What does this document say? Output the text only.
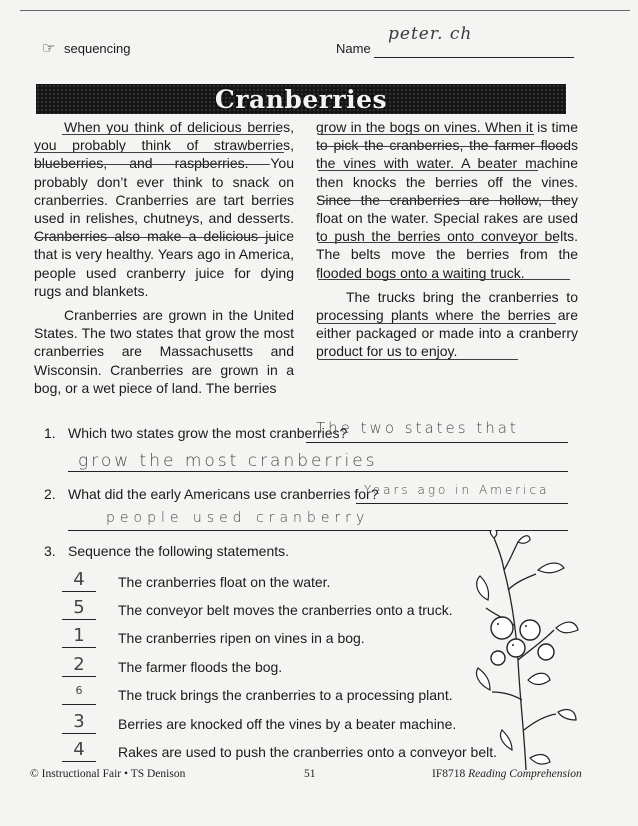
☞ sequencing	Name
peter. ch
Cranberries

When you think of delicious berries, you probably think of strawberries, blueberries, and raspberries. You probably don’t ever think to snack on cranberries. Cranberries are tart berries used in relishes, chutneys, and desserts. Cranberries also make a delicious juice that is very healthy. Years ago in America, people used cranberry juice for dying rugs and blankets.

Cranberries are grown in the United States. The two states that grow the most cranberries are Massachusetts and Wisconsin. Cranberries are grown in a bog, or a wet piece of land. The berries

grow in the bogs on vines. When it is time to pick the cranberries, the farmer floods the vines with water. A beater machine then knocks the berries off the vines. Since the cranberries are hollow, they float on the water. Special rakes are used to push the berries onto conveyor belts. The belts move the berries from the flooded bogs onto a waiting truck.

The trucks bring the cranberries to processing plants where the berries are either packaged or made into a cranberry product for us to enjoy.

1. Which two states grow the most cranberries?
The two states that
grow the most cranberries
2. What did the early Americans use cranberries for?
Years ago in America
people used cranberry
3. Sequence the following statements.
4	The cranberries float on the water.
5	The conveyor belt moves the cranberries onto a truck.
1	The cranberries ripen on vines in a bog.
2	The farmer floods the bog.
6	The truck brings the cranberries to a processing plant.
3	Berries are knocked off the vines by a beater machine.
4	Rakes are used to push the cranberries onto a conveyor belt.
© Instructional Fair • TS Denison	51	IF8718 Reading Comprehension
